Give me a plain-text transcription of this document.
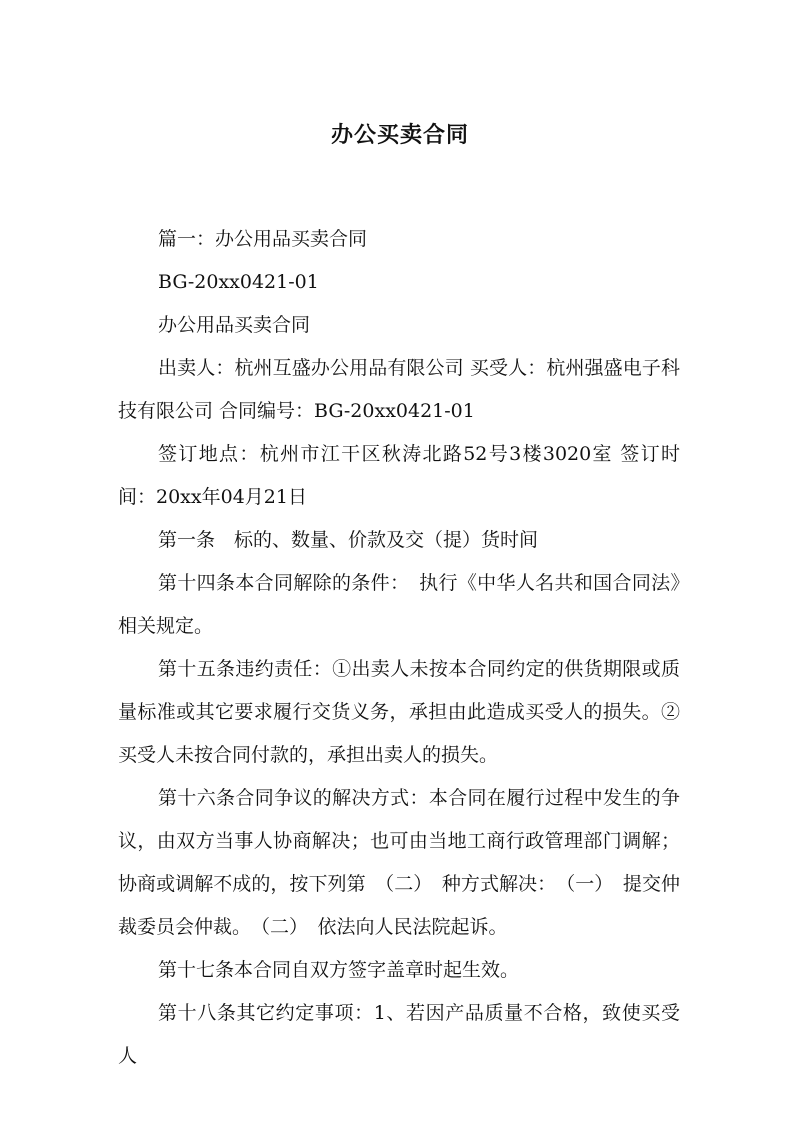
办公买卖合同

篇一：办公用品买卖合同

BG-20xx0421-01

办公用品买卖合同

出卖人：杭州互盛办公用品有限公司 买受人：杭州强盛电子科技有限公司 合同编号：BG-20xx0421-01

签订地点：杭州市江干区秋涛北路52号3楼3020室 签订时间：20xx年04月21日

第一条　标的、数量、价款及交（提）货时间

第十四条本合同解除的条件：　执行《中华人名共和国合同法》相关规定。

第十五条违约责任：①出卖人未按本合同约定的供货期限或质量标准或其它要求履行交货义务，承担由此造成买受人的损失。②买受人未按合同付款的，承担出卖人的损失。

第十六条合同争议的解决方式：本合同在履行过程中发生的争议，由双方当事人协商解决；也可由当地工商行政管理部门调解；协商或调解不成的，按下列第　（二）　种方式解决：　（一）　提交仲裁委员会仲裁。　（二）　依法向人民法院起诉。

第十七条本合同自双方签字盖章时起生效。

第十八条其它约定事项：1、若因产品质量不合格，致使买受人
